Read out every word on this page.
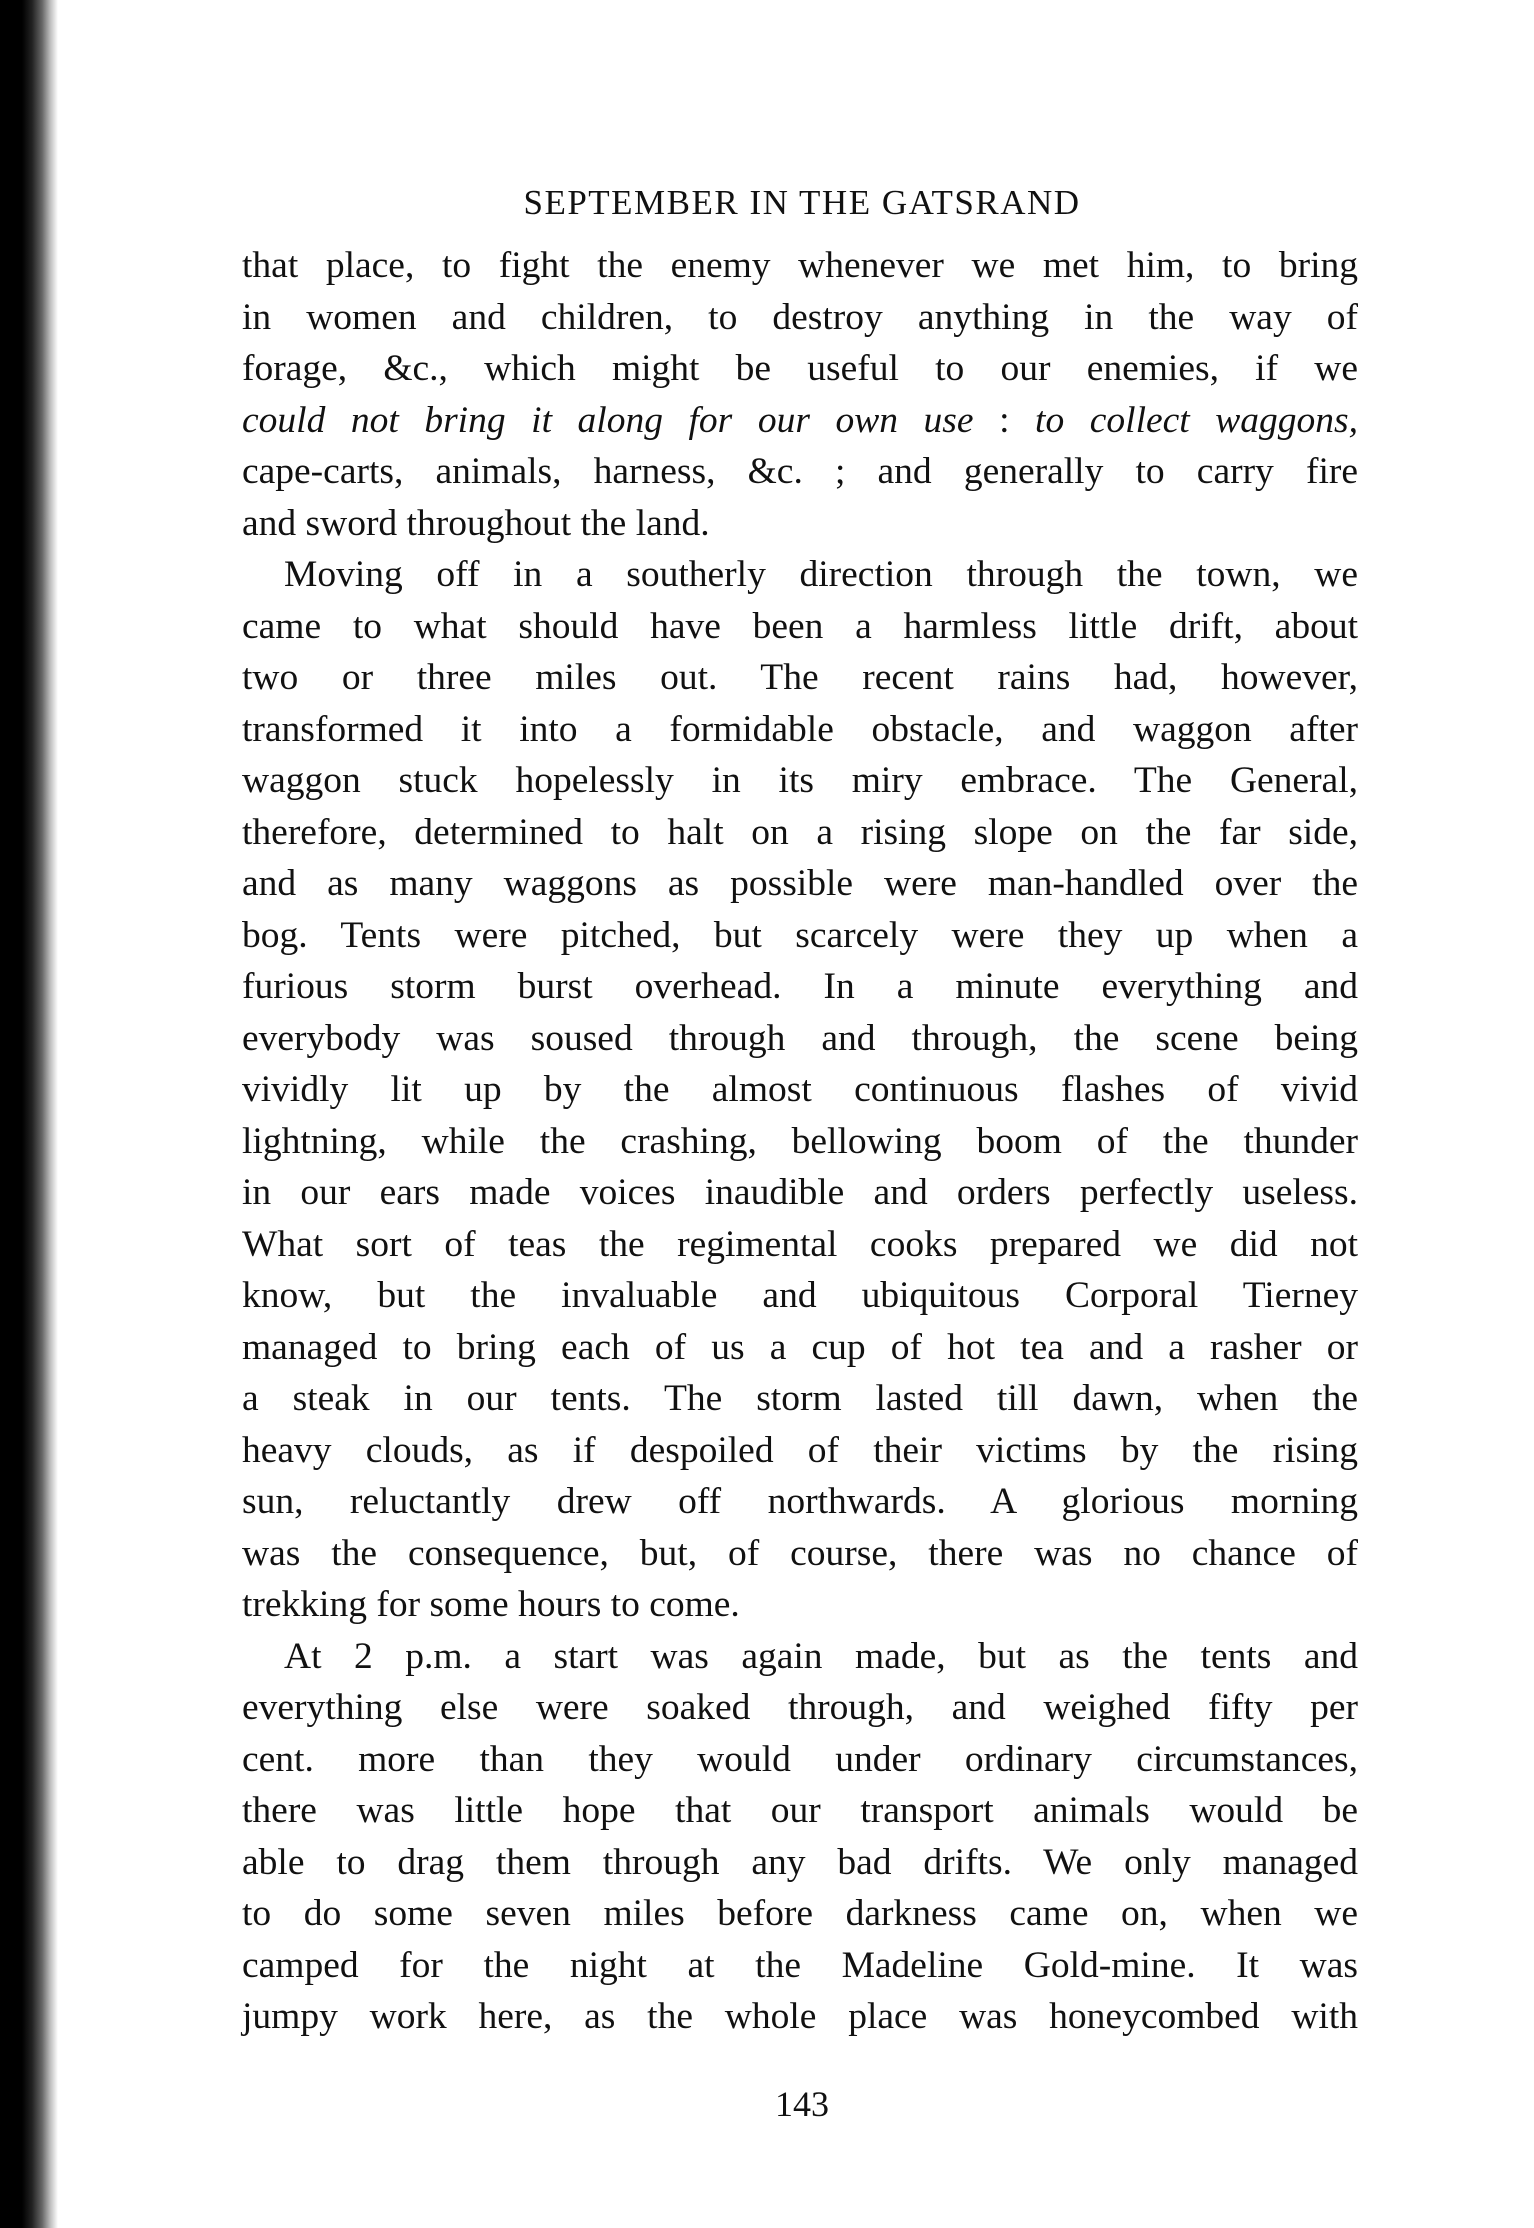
SEPTEMBER IN THE GATSRAND
that place, to fight the enemy whenever we met him, to bring
in women and children, to destroy anything in the way of
forage, &c., which might be useful to our enemies, if we
could not bring it along for our own use : to collect waggons,
cape-carts, animals, harness, &c. ; and generally to carry fire
and sword throughout the land.
Moving off in a southerly direction through the town, we
came to what should have been a harmless little drift, about
two or three miles out. The recent rains had, however,
transformed it into a formidable obstacle, and waggon after
waggon stuck hopelessly in its miry embrace. The General,
therefore, determined to halt on a rising slope on the far side,
and as many waggons as possible were man-handled over the
bog. Tents were pitched, but scarcely were they up when a
furious storm burst overhead. In a minute everything and
everybody was soused through and through, the scene being
vividly lit up by the almost continuous flashes of vivid
lightning, while the crashing, bellowing boom of the thunder
in our ears made voices inaudible and orders perfectly useless.
What sort of teas the regimental cooks prepared we did not
know, but the invaluable and ubiquitous Corporal Tierney
managed to bring each of us a cup of hot tea and a rasher or
a steak in our tents. The storm lasted till dawn, when the
heavy clouds, as if despoiled of their victims by the rising
sun, reluctantly drew off northwards. A glorious morning
was the consequence, but, of course, there was no chance of
trekking for some hours to come.
At 2 p.m. a start was again made, but as the tents and
everything else were soaked through, and weighed fifty per
cent. more than they would under ordinary circumstances,
there was little hope that our transport animals would be
able to drag them through any bad drifts. We only managed
to do some seven miles before darkness came on, when we
camped for the night at the Madeline Gold-mine. It was
jumpy work here, as the whole place was honeycombed with
143
